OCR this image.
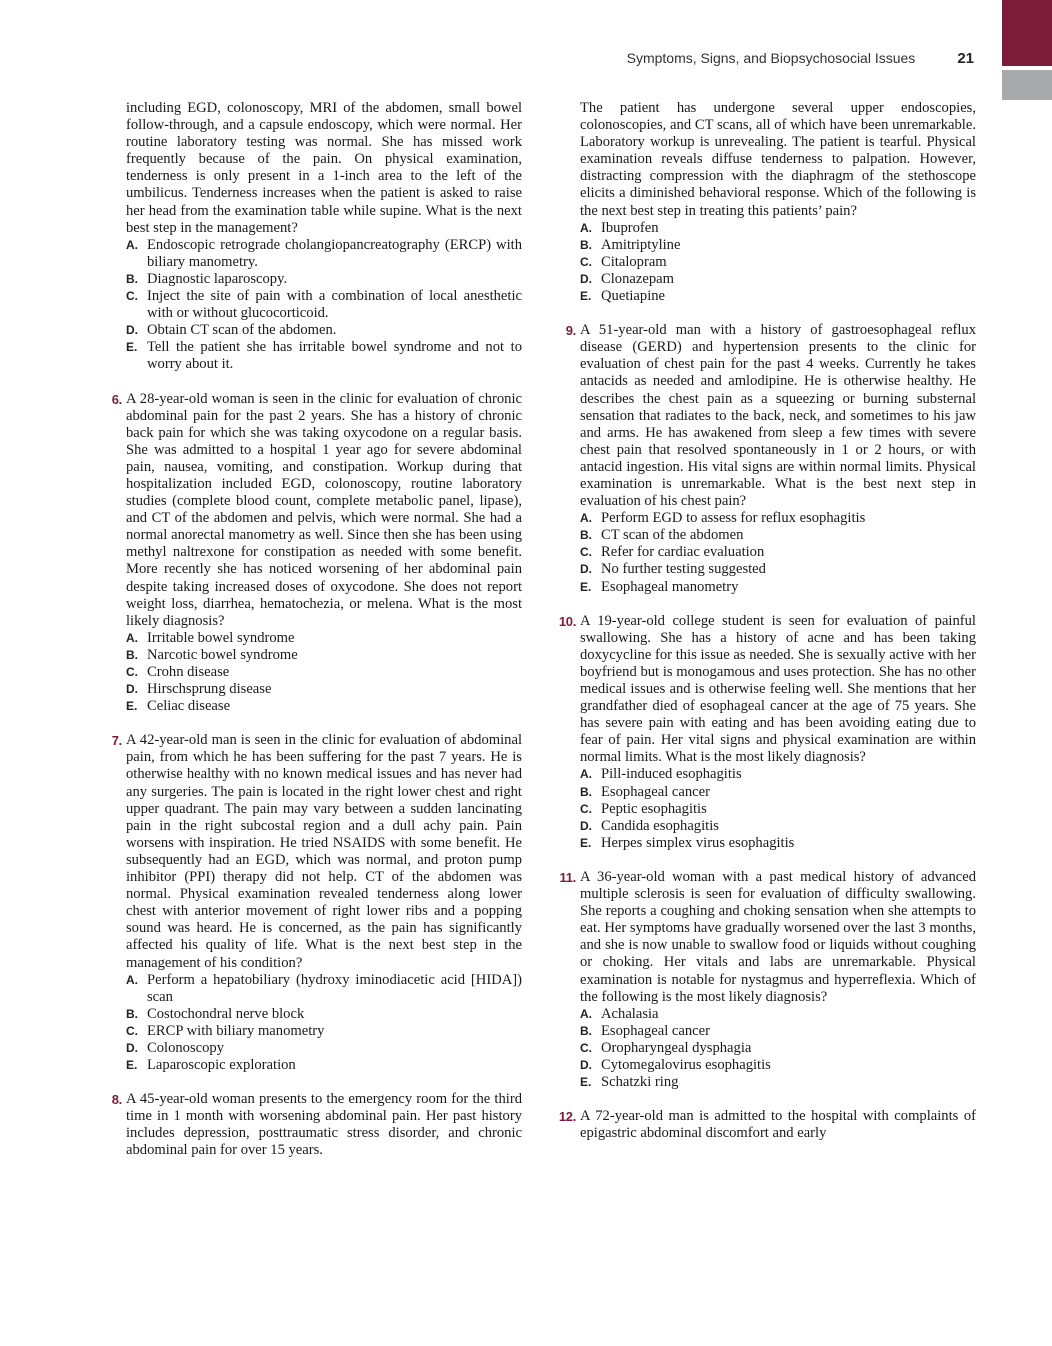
Symptoms, Signs, and Biopsychosocial Issues	21

including EGD, colonoscopy, MRI of the abdomen, small bowel follow-through, and a capsule endoscopy, which were normal. Her routine laboratory testing was normal. She has missed work frequently because of the pain. On physical examination, tenderness is only present in a 1-inch area to the left of the umbilicus. Tenderness increases when the patient is asked to raise her head from the examination table while supine. What is the next best step in the management?

A. Endoscopic retrograde cholangiopancreatography (ERCP) with biliary manometry.
B. Diagnostic laparoscopy.
C. Inject the site of pain with a combination of local anesthetic with or without glucocorticoid.
D. Obtain CT scan of the abdomen.
E. Tell the patient she has irritable bowel syndrome and not to worry about it.
6. A 28-year-old woman is seen in the clinic for evaluation of chronic abdominal pain for the past 2 years. She has a history of chronic back pain for which she was taking oxycodone on a regular basis. She was admitted to a hospital 1 year ago for severe abdominal pain, nausea, vomiting, and constipation. Workup during that hospitalization included EGD, colonoscopy, routine laboratory studies (complete blood count, complete metabolic panel, lipase), and CT of the abdomen and pelvis, which were normal. She had a normal anorectal manometry as well. Since then she has been using methyl naltrexone for constipation as needed with some benefit. More recently she has noticed worsening of her abdominal pain despite taking increased doses of oxycodone. She does not report weight loss, diarrhea, hematochezia, or melena. What is the most likely diagnosis?

A. Irritable bowel syndrome
B. Narcotic bowel syndrome
C. Crohn disease
D. Hirschsprung disease
E. Celiac disease
7. A 42-year-old man is seen in the clinic for evaluation of abdominal pain, from which he has been suffering for the past 7 years. He is otherwise healthy with no known medical issues and has never had any surgeries. The pain is located in the right lower chest and right upper quadrant. The pain may vary between a sudden lancinating pain in the right subcostal region and a dull achy pain. Pain worsens with inspiration. He tried NSAIDS with some benefit. He subsequently had an EGD, which was normal, and proton pump inhibitor (PPI) therapy did not help. CT of the abdomen was normal. Physical examination revealed tenderness along lower chest with anterior movement of right lower ribs and a popping sound was heard. He is concerned, as the pain has significantly affected his quality of life. What is the next best step in the management of his condition?

A. Perform a hepatobiliary (hydroxy iminodiacetic acid [HIDA]) scan
B. Costochondral nerve block
C. ERCP with biliary manometry
D. Colonoscopy
E. Laparoscopic exploration
8. A 45-year-old woman presents to the emergency room for the third time in 1 month with worsening abdominal pain. Her past history includes depression, posttraumatic stress disorder, and chronic abdominal pain for over 15 years.

The patient has undergone several upper endoscopies, colonoscopies, and CT scans, all of which have been unremarkable. Laboratory workup is unrevealing. The patient is tearful. Physical examination reveals diffuse tenderness to palpation. However, distracting compression with the diaphragm of the stethoscope elicits a diminished behavioral response. Which of the following is the next best step in treating this patients’ pain?

A. Ibuprofen
B. Amitriptyline
C. Citalopram
D. Clonazepam
E. Quetiapine
9. A 51-year-old man with a history of gastroesophageal reflux disease (GERD) and hypertension presents to the clinic for evaluation of chest pain for the past 4 weeks. Currently he takes antacids as needed and amlodipine. He is otherwise healthy. He describes the chest pain as a squeezing or burning substernal sensation that radiates to the back, neck, and sometimes to his jaw and arms. He has awakened from sleep a few times with severe chest pain that resolved spontaneously in 1 or 2 hours, or with antacid ingestion. His vital signs are within normal limits. Physical examination is unremarkable. What is the best next step in evaluation of his chest pain?

A. Perform EGD to assess for reflux esophagitis
B. CT scan of the abdomen
C. Refer for cardiac evaluation
D. No further testing suggested
E. Esophageal manometry
10. A 19-year-old college student is seen for evaluation of painful swallowing. She has a history of acne and has been taking doxycycline for this issue as needed. She is sexually active with her boyfriend but is monogamous and uses protection. She has no other medical issues and is otherwise feeling well. She mentions that her grandfather died of esophageal cancer at the age of 75 years. She has severe pain with eating and has been avoiding eating due to fear of pain. Her vital signs and physical examination are within normal limits. What is the most likely diagnosis?

A. Pill-induced esophagitis
B. Esophageal cancer
C. Peptic esophagitis
D. Candida esophagitis
E. Herpes simplex virus esophagitis
11. A 36-year-old woman with a past medical history of advanced multiple sclerosis is seen for evaluation of difficulty swallowing. She reports a coughing and choking sensation when she attempts to eat. Her symptoms have gradually worsened over the last 3 months, and she is now unable to swallow food or liquids without coughing or choking. Her vitals and labs are unremarkable. Physical examination is notable for nystagmus and hyperreflexia. Which of the following is the most likely diagnosis?

A. Achalasia
B. Esophageal cancer
C. Oropharyngeal dysphagia
D. Cytomegalovirus esophagitis
E. Schatzki ring
12. A 72-year-old man is admitted to the hospital with complaints of epigastric abdominal discomfort and early
